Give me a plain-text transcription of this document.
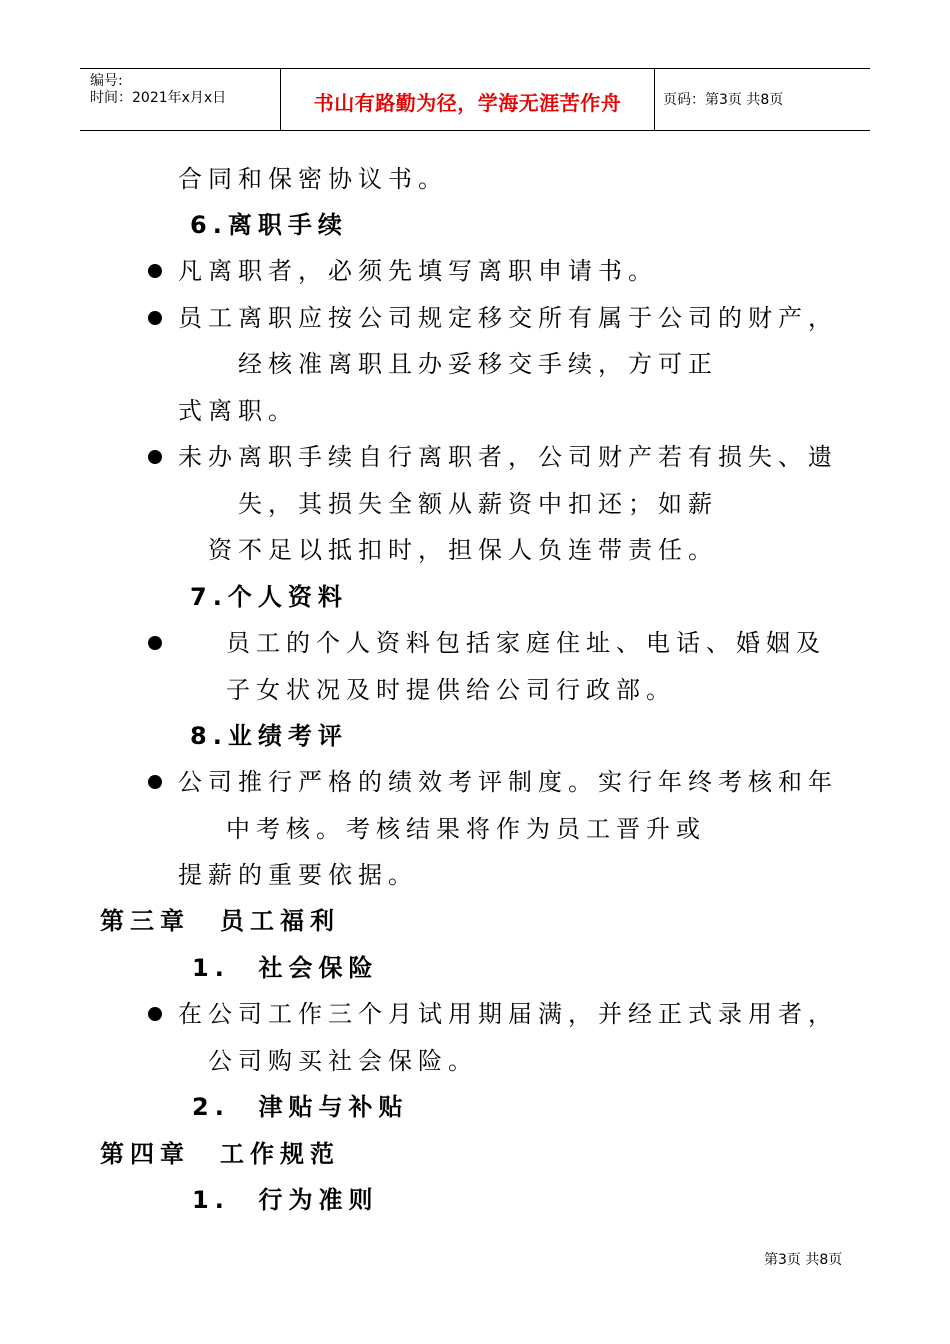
编号:
时间：2021年x月x日	书山有路勤为径，学海无涯苦作舟	页码：第3页 共8页
合同和保密协议书。
6.离职手续
凡离职者，必须先填写离职申请书。
员工离职应按公司规定移交所有属于公司的财产，
经核准离职且办妥移交手续，方可正
式离职。
未办离职手续自行离职者，公司财产若有损失、遗
失，其损失全额从薪资中扣还；如薪
资不足以抵扣时，担保人负连带责任。
7.个人资料
员工的个人资料包括家庭住址、电话、婚姻及
子女状况及时提供给公司行政部。
8.业绩考评
公司推行严格的绩效考评制度。实行年终考核和年
中考核。考核结果将作为员工晋升或
提薪的重要依据。
第三章　员工福利
1.  社会保险
在公司工作三个月试用期届满，并经正式录用者，
公司购买社会保险。
2.  津贴与补贴
第四章　工作规范
1.  行为准则
第3页 共8页
